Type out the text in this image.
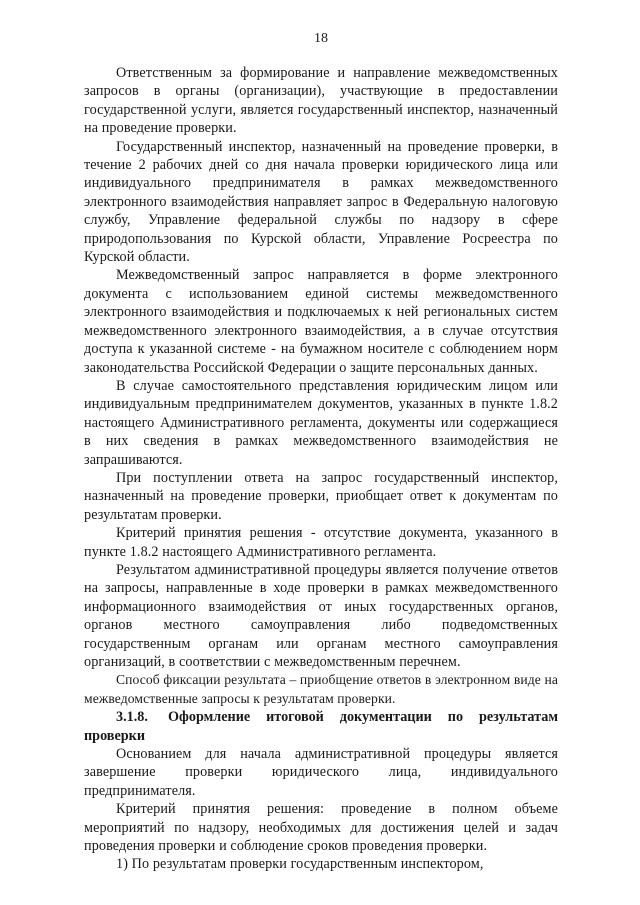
18

Ответственным за формирование и направление межведомственных запросов в органы (организации), участвующие в предоставлении государственной услуги, является государственный инспектор, назначенный на проведение проверки.

Государственный инспектор, назначенный на проведение проверки, в течение 2 рабочих дней со дня начала проверки юридического лица или индивидуального предпринимателя в рамках межведомственного электронного взаимодействия направляет запрос в Федеральную налоговую службу, Управление федеральной службы по надзору в сфере природопользования по Курской области, Управление Росреестра по Курской области.

Межведомственный запрос направляется в форме электронного документа с использованием единой системы межведомственного электронного взаимодействия и подключаемых к ней региональных систем межведомственного электронного взаимодействия, а в случае отсутствия доступа к указанной системе - на бумажном носителе с соблюдением норм законодательства Российской Федерации о защите персональных данных.

В случае самостоятельного представления юридическим лицом или индивидуальным предпринимателем документов, указанных в пункте 1.8.2 настоящего Административного регламента, документы или содержащиеся в них сведения в рамках межведомственного взаимодействия не запрашиваются.

При поступлении ответа на запрос государственный инспектор, назначенный на проведение проверки, приобщает ответ к документам по результатам проверки.

Критерий принятия решения - отсутствие документа, указанного в пункте 1.8.2 настоящего Административного регламента.

Результатом административной процедуры является получение ответов на запросы, направленные в ходе проверки в рамках межведомственного информационного взаимодействия от иных государственных органов, органов местного самоуправления либо подведомственных государственным органам или органам местного самоуправления организаций, в соответствии с межведомственным перечнем.

Способ фиксации результата – приобщение ответов в электронном виде на межведомственные запросы к результатам проверки.

3.1.8. Оформление итоговой документации по результатам проверки

Основанием для начала административной процедуры является завершение проверки юридического лица, индивидуального предпринимателя.

Критерий принятия решения: проведение в полном объеме мероприятий по надзору, необходимых для достижения целей и задач проведения проверки и соблюдение сроков проведения проверки.

1) По результатам проверки государственным инспектором,
